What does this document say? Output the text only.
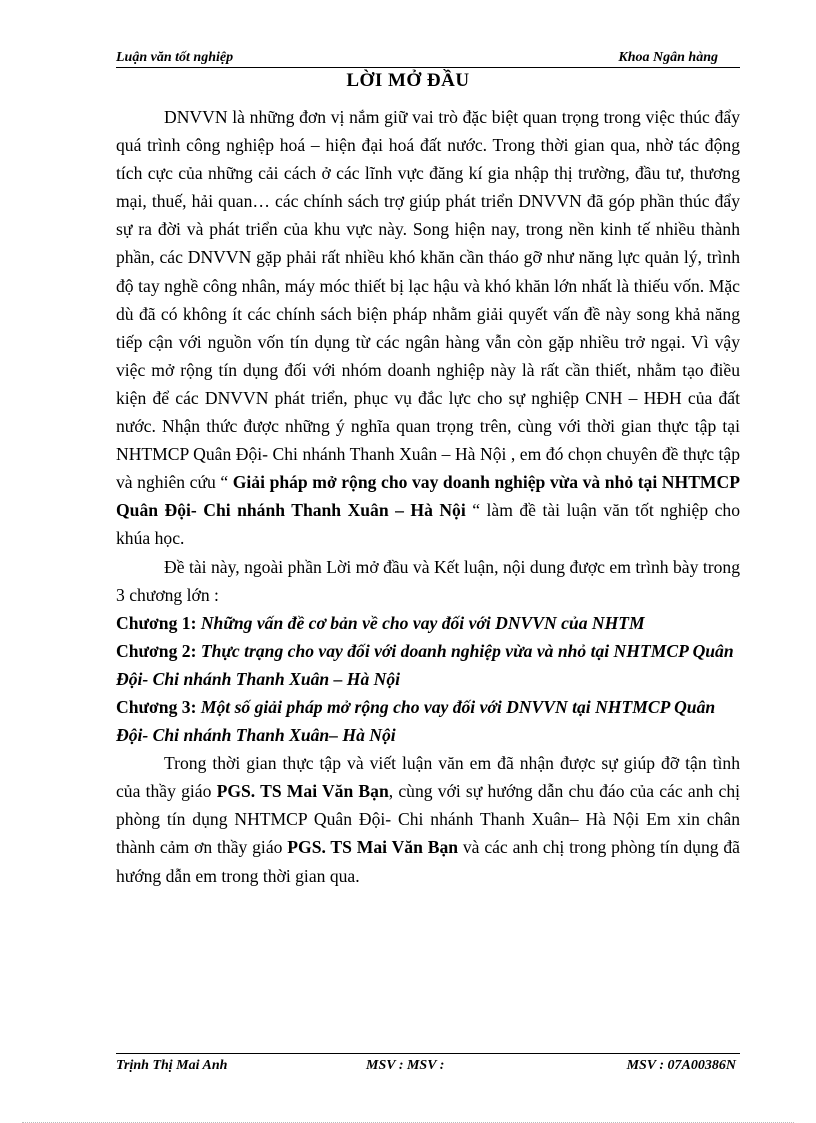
Luận văn tốt nghiệp	Khoa Ngân hàng
LỜI MỞ ĐẦU

DNVVN là những đơn vị nắm giữ vai trò đặc biệt quan trọng trong việc thúc đẩy quá trình công nghiệp hoá – hiện đại hoá đất nước. Trong thời gian qua, nhờ tác động tích cực của những cải cách ở các lĩnh vực đăng kí gia nhập thị trường, đầu tư, thương mại, thuế, hải quan… các chính sách trợ giúp phát triển DNVVN đã góp phần thúc đẩy sự ra đời và phát triển của khu vực này. Song hiện nay, trong nền kinh tế nhiều thành phần, các DNVVN gặp phải rất nhiều khó khăn cần tháo gỡ như năng lực quản lý, trình độ tay nghề công nhân, máy móc thiết bị lạc hậu và khó khăn lớn nhất là thiếu vốn. Mặc dù đã có không ít các chính sách biện pháp nhằm giải quyết vấn đề này song khả năng tiếp cận với nguồn vốn tín dụng từ các ngân hàng vẫn còn gặp nhiều trở ngại. Vì vậy việc mở rộng tín dụng đối với nhóm doanh nghiệp này là rất cần thiết, nhằm tạo điều kiện để các DNVVN phát triển, phục vụ đắc lực cho sự nghiệp CNH – HĐH của đất nước. Nhận thức được những ý nghĩa quan trọng trên, cùng với thời gian thực tập tại NHTMCP Quân Đội- Chi nhánh Thanh Xuân – Hà Nội , em đó chọn chuyên đề thực tập và nghiên cứu “ Giải pháp mở rộng cho vay doanh nghiệp vừa và nhỏ tại NHTMCP Quân Đội- Chi nhánh Thanh Xuân – Hà Nội “ làm đề tài luận văn tốt nghiệp cho khúa học.

Đề tài này, ngoài phần Lời mở đầu và Kết luận, nội dung được em trình bày trong 3 chương lớn :

Chương 1: Những vấn đề cơ bản về cho vay đối với DNVVN của NHTM

Chương 2: Thực trạng cho vay đối với doanh nghiệp vừa và nhỏ tại NHTMCP Quân Đội- Chi nhánh Thanh Xuân – Hà Nội

Chương 3: Một số giải pháp mở rộng cho vay đối với DNVVN tại NHTMCP Quân Đội- Chi nhánh Thanh Xuân– Hà Nội

Trong thời gian thực tập và viết luận văn em đã nhận được sự giúp đỡ tận tình của thầy giáo PGS. TS Mai Văn Bạn, cùng với sự hướng dẫn chu đáo của các anh chị phòng tín dụng NHTMCP Quân Đội- Chi nhánh Thanh Xuân– Hà Nội Em xin chân thành cảm ơn thầy giáo PGS. TS Mai Văn Bạn và các anh chị trong phòng tín dụng đã hướng dẫn em trong thời gian qua.

Trịnh Thị Mai Anh	MSV : MSV :	MSV : 07A00386N
